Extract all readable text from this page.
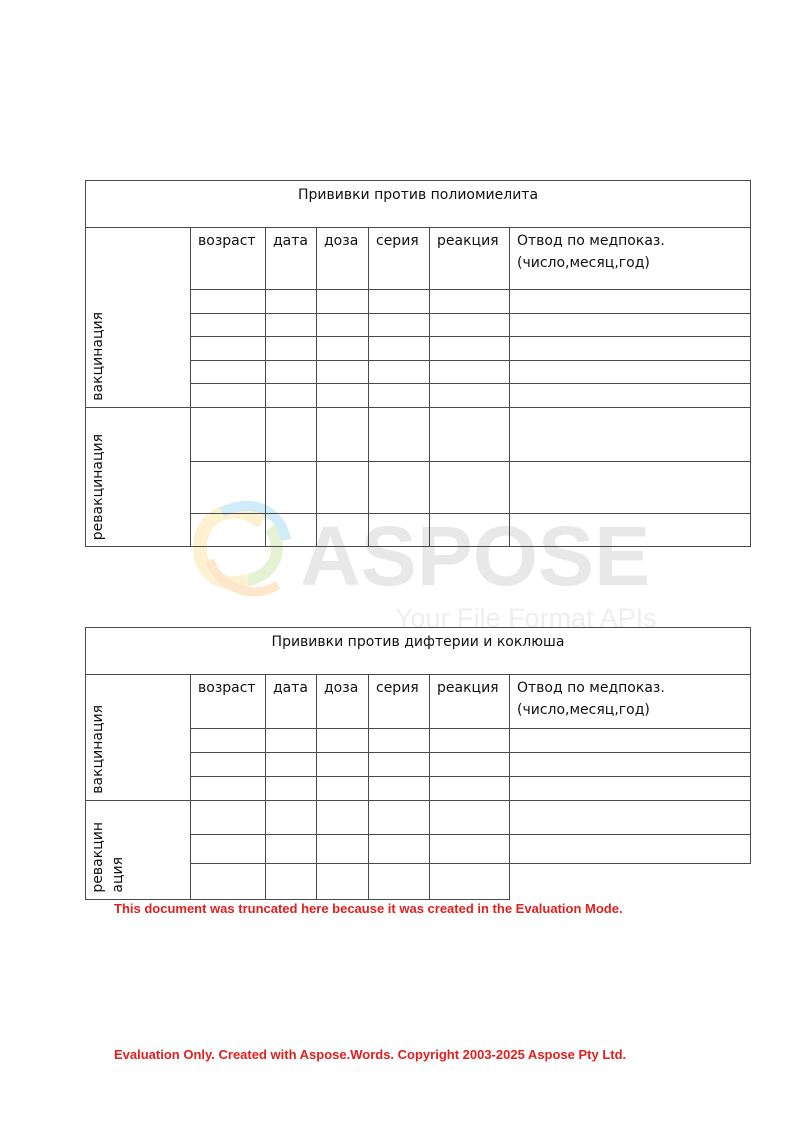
ASPOSE
Your File Format APIs
Прививки против полиомиелита						

вакцинация	возраст	дата	доза	серия	реакция	Отвод по медпоказ.(число,месяц,год)

ревакцинация						

Прививки против дифтерии и коклюша						

вакцинация	возраст	дата	доза	серия	реакция	Отвод по медпоказ.(число,месяц,год)

ревакцин
ация						

This document was truncated here because it was created in the Evaluation Mode.
Evaluation Only. Created with Aspose.Words. Copyright 2003-2025 Aspose Pty Ltd.
